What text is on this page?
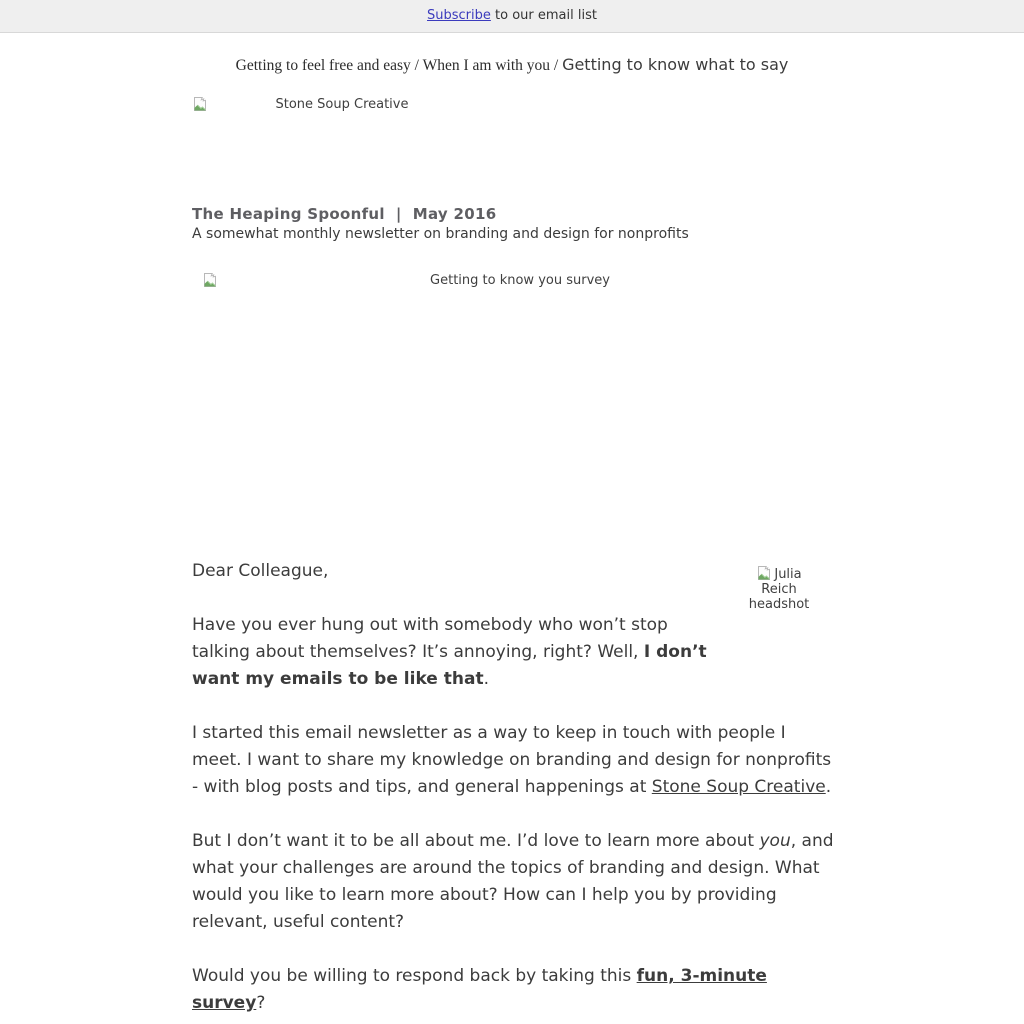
Subscribe to our email list
Getting to feel free and easy / When I am with you / Getting to know what to say
Stone Soup Creative
The Heaping Spoonful  |  May 2016
A somewhat monthly newsletter on branding and design for nonprofits
Getting to know you survey
Julia Reich headshot

Dear Colleague,

Have you ever hung out with somebody who won’t stop talking about themselves? It’s annoying, right? Well, I don’t want my emails to be like that.

I started this email newsletter as a way to keep in touch with people I meet. I want to share my knowledge on branding and design for nonprofits - with blog posts and tips, and general happenings at Stone Soup Creative.

But I don’t want it to be all about me. I’d love to learn more about you, and what your challenges are around the topics of branding and design. What would you like to learn more about? How can I help you by providing relevant, useful content?

Would you be willing to respond back by taking this fun, 3-minute survey?
